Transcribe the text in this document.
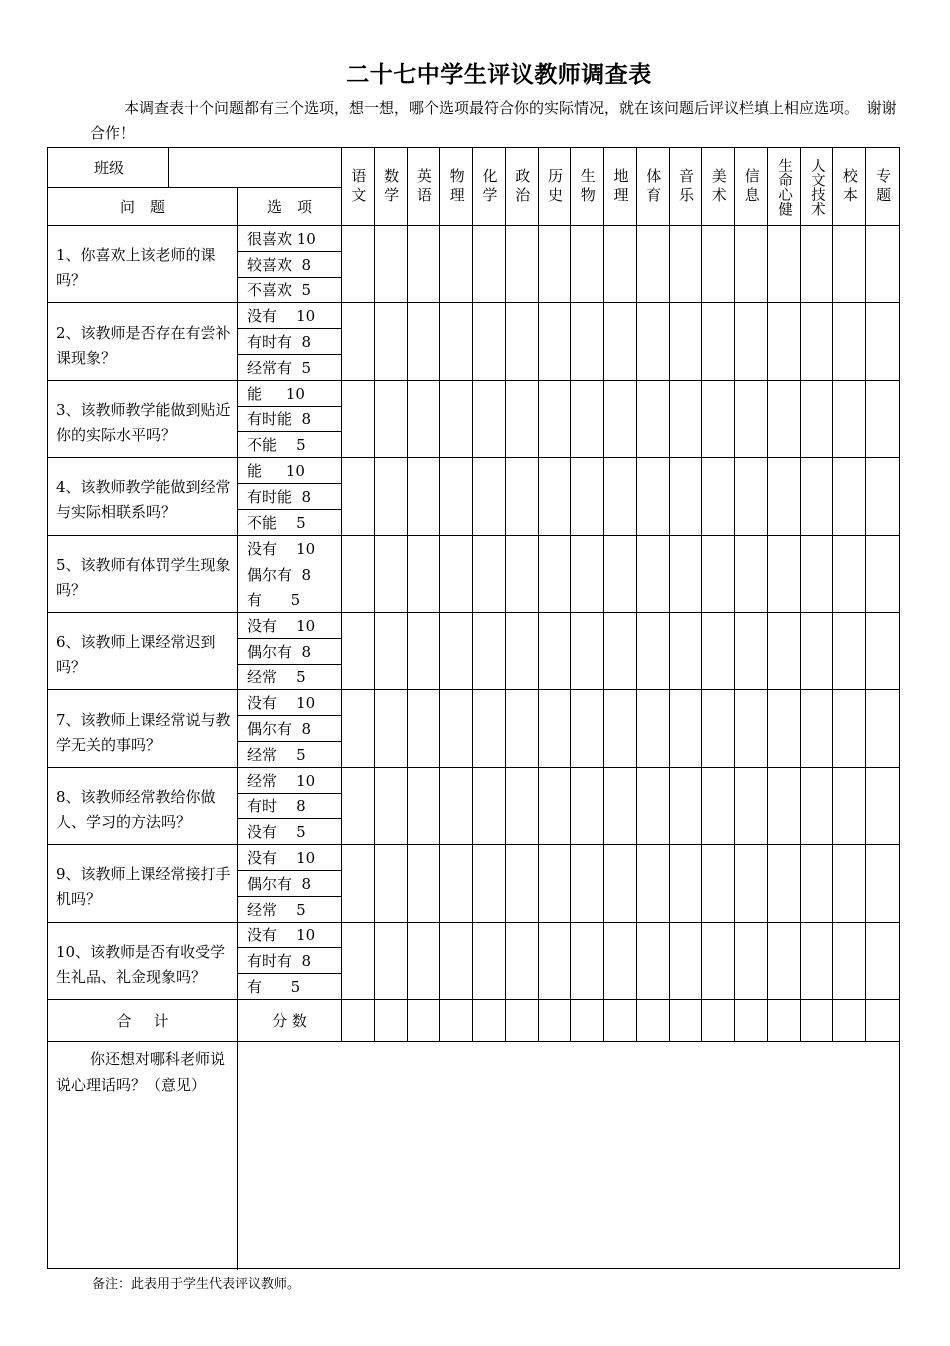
二十七中学生评议教师调查表
本调查表十个问题都有三个选项，想一想，哪个选项最符合你的实际情况，就在该问题后评议栏填上相应选项。　谢谢合作！
班级
问　题	选　项
语文 数学 英语 物理 化学 政治 历史 生物 地理 体育 音乐 美术 信息	生命心健	人文技术	校本	专题
1、你喜欢上该老师的课吗？
很喜欢 10
较喜欢  8
不喜欢  5
2、该教师是否存在有尝补课现象？
没有    10
有时有  8
经常有  5
3、该教师教学能做到贴近你的实际水平吗？
能     10
有时能  8
不能    5
4、该教师教学能做到经常与实际相联系吗？
能     10
有时能  8
不能    5
5、该教师有体罚学生现象吗？
没有    10
偶尔有  8
有      5
6、该教师上课经常迟到吗？
没有    10
偶尔有  8
经常    5
7、该教师上课经常说与教学无关的事吗？
没有    10
偶尔有  8
经常    5
8、该教师经常教给你做人、学习的方法吗？
经常    10
有时    8
没有    5
9、该教师上课经常接打手机吗？
没有    10
偶尔有  8
经常    5
10、该教师是否有收受学生礼品、礼金现象吗？
没有    10
有时有  8
有      5
合计	分 数
你还想对哪科老师说说心理话吗？（意见）
备注：此表用于学生代表评议教师。
